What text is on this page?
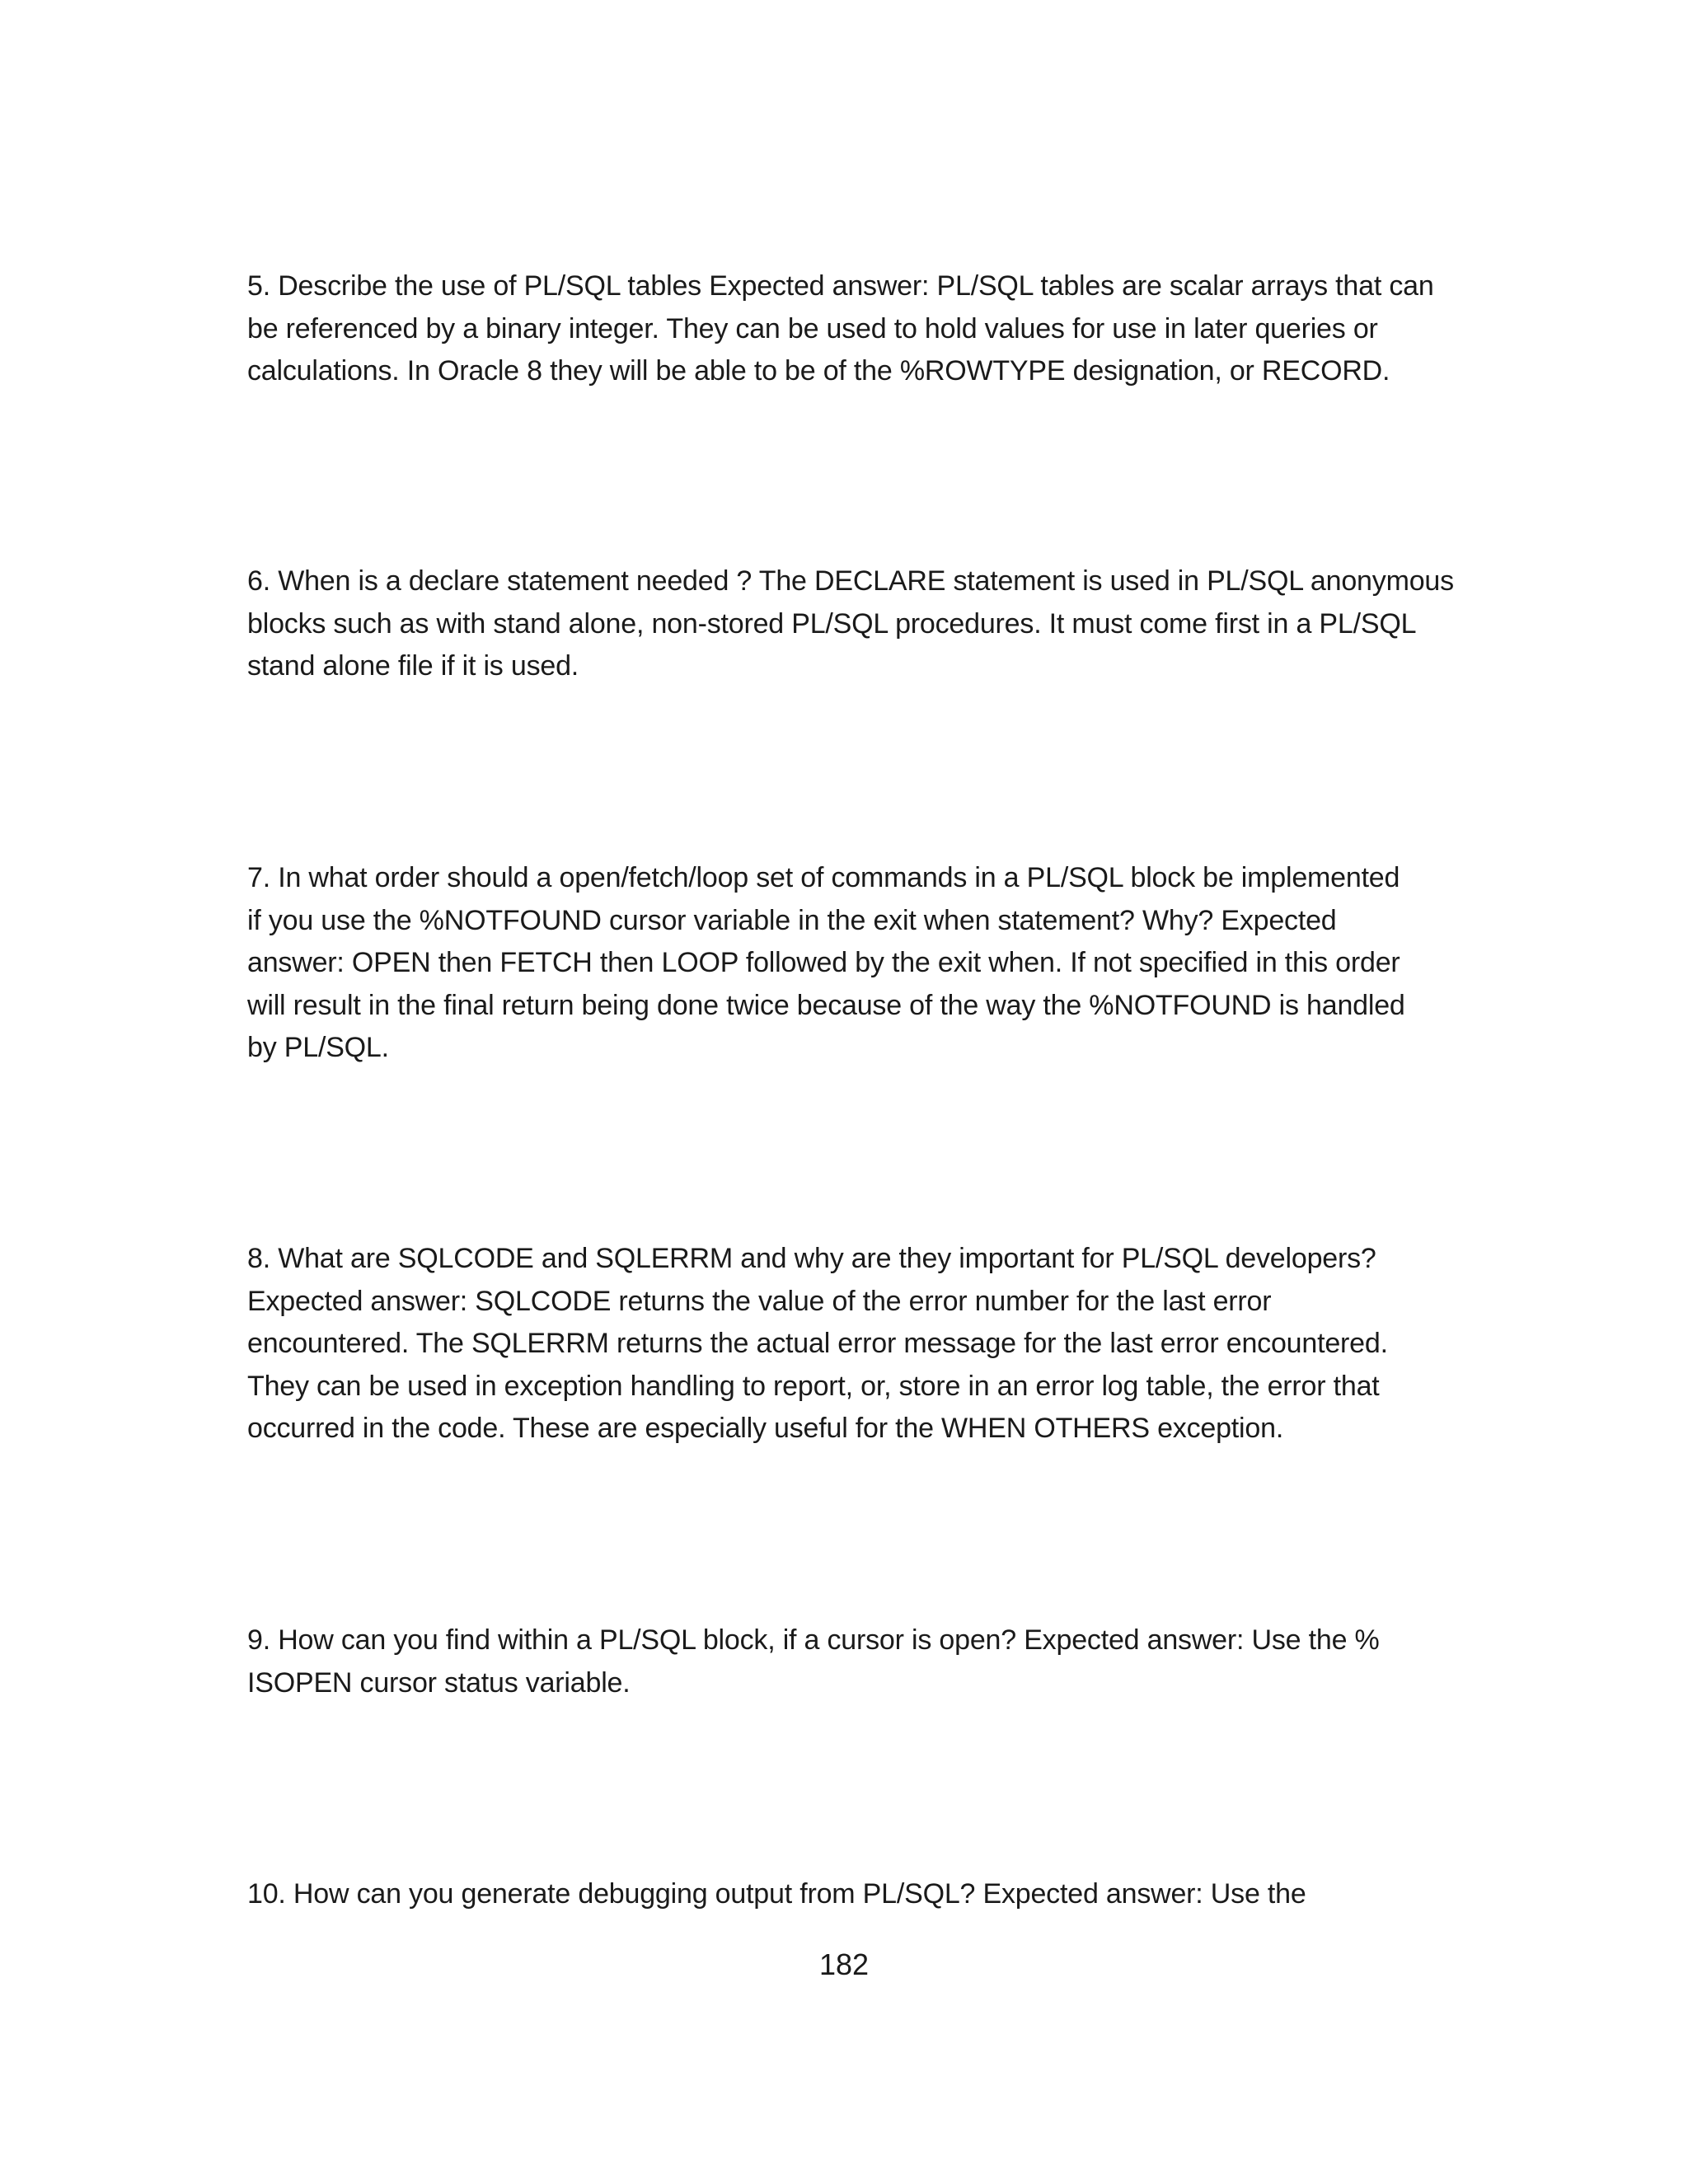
5. Describe the use of PL/SQL tables Expected answer: PL/SQL tables are scalar arrays that can
be referenced by a binary integer. They can be used to hold values for use in later queries or
calculations. In Oracle 8 they will be able to be of the %ROWTYPE designation, or RECORD.

6. When is a declare statement needed ? The DECLARE statement is used in PL/SQL anonymous
blocks such as with stand alone, non-stored PL/SQL procedures. It must come first in a PL/SQL
stand alone file if it is used.

7. In what order should a open/fetch/loop set of commands in a PL/SQL block be implemented
if you use the %NOTFOUND cursor variable in the exit when statement? Why? Expected
answer: OPEN then FETCH then LOOP followed by the exit when. If not specified in this order
will result in the final return being done twice because of the way the %NOTFOUND is handled
by PL/SQL.

8. What are SQLCODE and SQLERRM and why are they important for PL/SQL developers?
Expected answer: SQLCODE returns the value of the error number for the last error
encountered. The SQLERRM returns the actual error message for the last error encountered.
They can be used in exception handling to report, or, store in an error log table, the error that
occurred in the code. These are especially useful for the WHEN OTHERS exception.

9. How can you find within a PL/SQL block, if a cursor is open? Expected answer: Use the %
ISOPEN cursor status variable.

10. How can you generate debugging output from PL/SQL? Expected answer: Use the

182
